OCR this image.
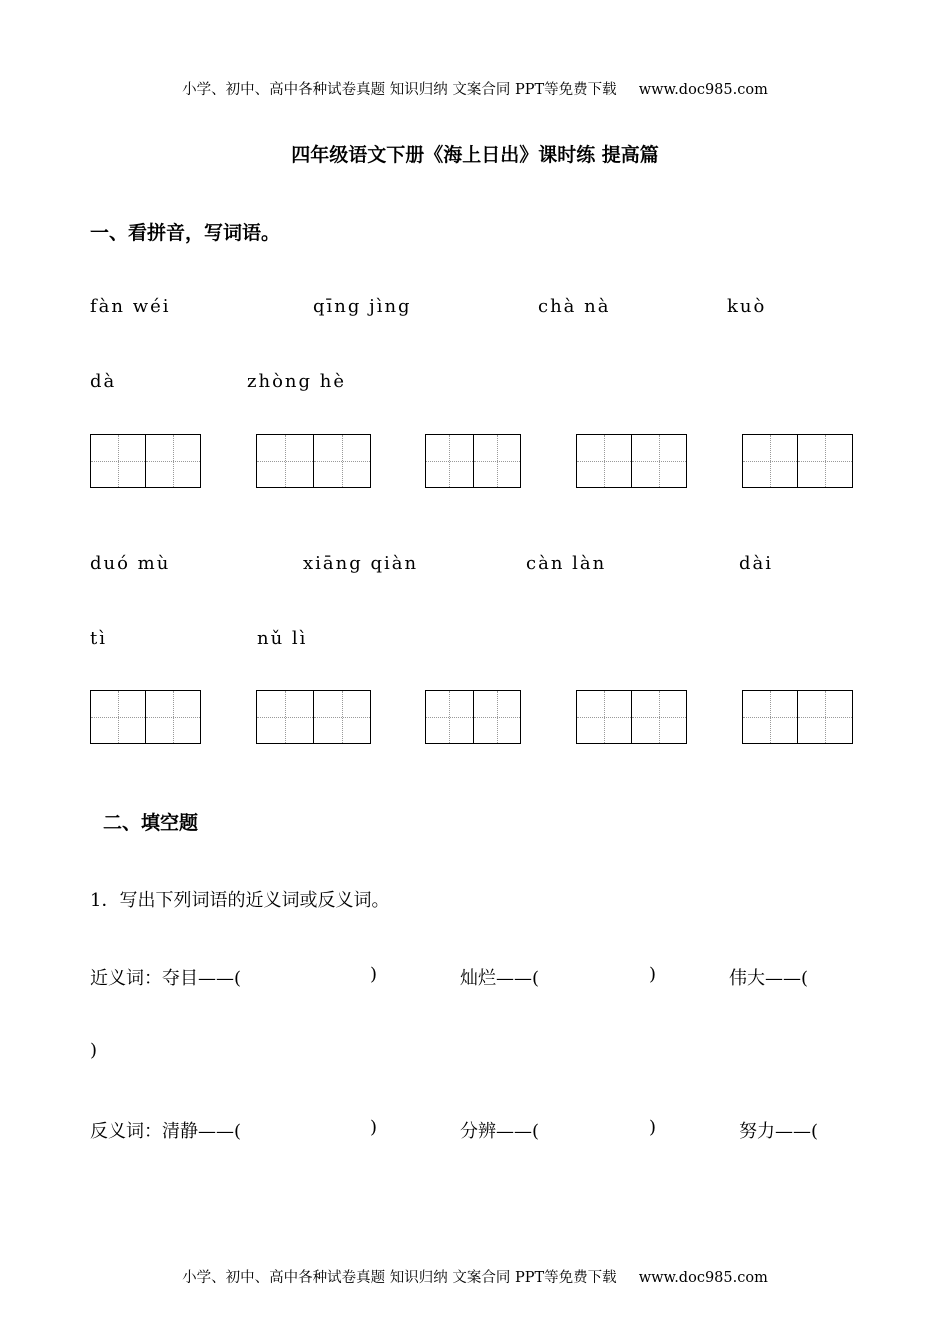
小学、初中、高中各种试卷真题 知识归纳 文案合同 PPT等免费下载 www.doc985.com
四年级语文下册《海上日出》课时练 提高篇
一、看拼音，写词语。
fàn wéi	qīng jìng	chà nà	kuò
dà	zhòng hè
duó mù	xiāng qiàn	càn làn	dài
tì	nǔ lì
二、填空题
1．写出下列词语的近义词或反义词。
近义词：夺目——(	)	灿烂——(	)	伟大——(
)
反义词：清静——(	)	分辨——(	)	努力——(
小学、初中、高中各种试卷真题 知识归纳 文案合同 PPT等免费下载 www.doc985.com
